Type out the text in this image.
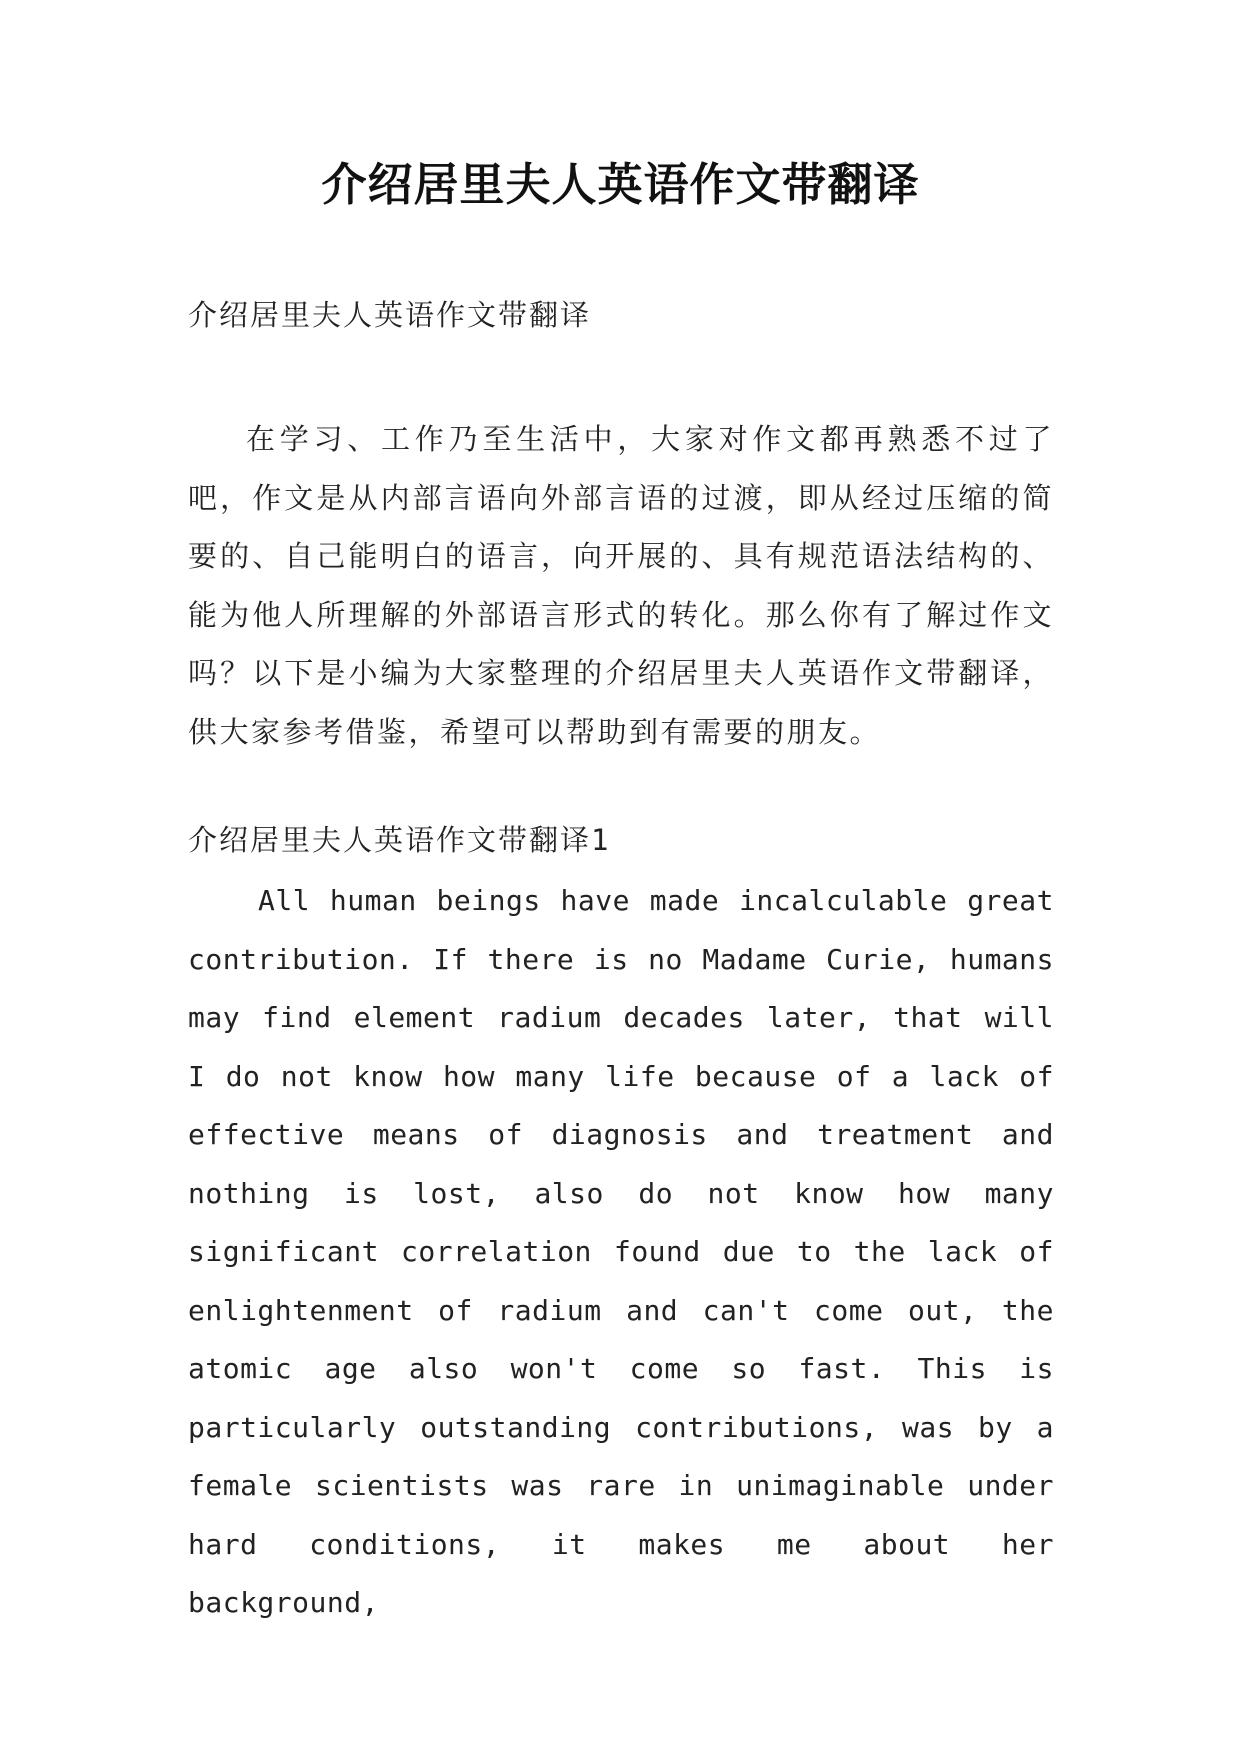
介绍居里夫人英语作文带翻译
介绍居里夫人英语作文带翻译
在学习、工作乃至生活中，大家对作文都再熟悉不过了吧，作文是从内部言语向外部言语的过渡，即从经过压缩的简要的、自己能明白的语言，向开展的、具有规范语法结构的、能为他人所理解的外部语言形式的转化。那么你有了解过作文吗？以下是小编为大家整理的介绍居里夫人英语作文带翻译，供大家参考借鉴，希望可以帮助到有需要的朋友。
介绍居里夫人英语作文带翻译1
All human beings have made incalculable great contribution. If there is no Madame Curie, humans may find element radium decades later, that will I do not know how many life because of a lack of effective means of diagnosis and treatment and nothing is lost, also do not know how many significant correlation found due to the lack of enlightenment of radium and can't come out, the atomic age also won't come so fast. This is particularly outstanding contributions, was by a female scientists was rare in unimaginable under hard conditions, it makes me about her background,
